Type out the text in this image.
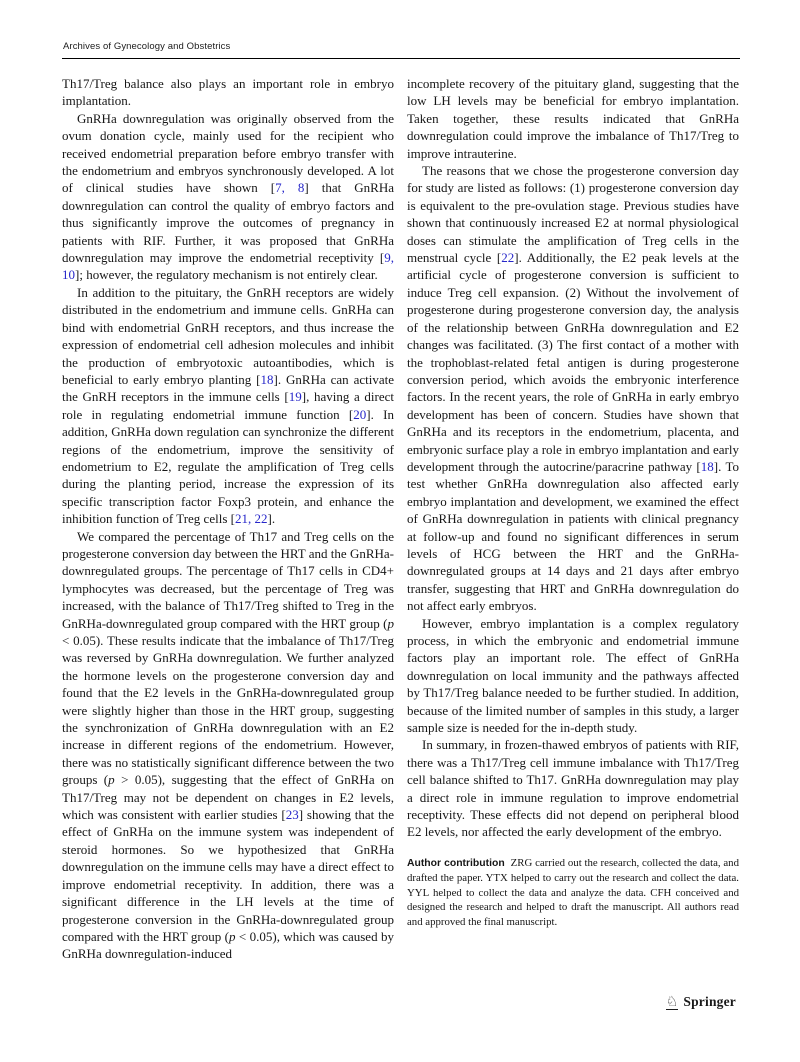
Archives of Gynecology and Obstetrics

Th17/Treg balance also plays an important role in embryo implantation.

GnRHa downregulation was originally observed from the ovum donation cycle, mainly used for the recipient who received endometrial preparation before embryo transfer with the endometrium and embryos synchronously developed. A lot of clinical studies have shown [7, 8] that GnRHa downregulation can control the quality of embryo factors and thus significantly improve the outcomes of pregnancy in patients with RIF. Further, it was proposed that GnRHa downregulation may improve the endometrial receptivity [9, 10]; however, the regulatory mechanism is not entirely clear.

In addition to the pituitary, the GnRH receptors are widely distributed in the endometrium and immune cells. GnRHa can bind with endometrial GnRH receptors, and thus increase the expression of endometrial cell adhesion molecules and inhibit the production of embryotoxic autoantibodies, which is beneficial to early embryo planting [18]. GnRHa can activate the GnRH receptors in the immune cells [19], having a direct role in regulating endometrial immune function [20]. In addition, GnRHa down regulation can synchronize the different regions of the endometrium, improve the sensitivity of endometrium to E2, regulate the amplification of Treg cells during the planting period, increase the expression of its specific transcription factor Foxp3 protein, and enhance the inhibition function of Treg cells [21, 22].

We compared the percentage of Th17 and Treg cells on the progesterone conversion day between the HRT and the GnRHa-downregulated groups. The percentage of Th17 cells in CD4+ lymphocytes was decreased, but the percentage of Treg was increased, with the balance of Th17/Treg shifted to Treg in the GnRHa-downregulated group compared with the HRT group (p < 0.05). These results indicate that the imbalance of Th17/Treg was reversed by GnRHa downregulation. We further analyzed the hormone levels on the progesterone conversion day and found that the E2 levels in the GnRHa-downregulated group were slightly higher than those in the HRT group, suggesting the synchronization of GnRHa downregulation with an E2 increase in different regions of the endometrium. However, there was no statistically significant difference between the two groups (p > 0.05), suggesting that the effect of GnRHa on Th17/Treg may not be dependent on changes in E2 levels, which was consistent with earlier studies [23] showing that the effect of GnRHa on the immune system was independent of steroid hormones. So we hypothesized that GnRHa downregulation on the immune cells may have a direct effect to improve endometrial receptivity. In addition, there was a significant difference in the LH levels at the time of progesterone conversion in the GnRHa-downregulated group compared with the HRT group (p < 0.05), which was caused by GnRHa downregulation-induced

incomplete recovery of the pituitary gland, suggesting that the low LH levels may be beneficial for embryo implantation. Taken together, these results indicated that GnRHa downregulation could improve the imbalance of Th17/Treg to improve intrauterine.

The reasons that we chose the progesterone conversion day for study are listed as follows: (1) progesterone conversion day is equivalent to the pre-ovulation stage. Previous studies have shown that continuously increased E2 at normal physiological doses can stimulate the amplification of Treg cells in the menstrual cycle [22]. Additionally, the E2 peak levels at the artificial cycle of progesterone conversion is sufficient to induce Treg cell expansion. (2) Without the involvement of progesterone during progesterone conversion day, the analysis of the relationship between GnRHa downregulation and E2 changes was facilitated. (3) The first contact of a mother with the trophoblast-related fetal antigen is during progesterone conversion period, which avoids the embryonic interference factors. In the recent years, the role of GnRHa in early embryo development has been of concern. Studies have shown that GnRHa and its receptors in the endometrium, placenta, and embryonic surface play a role in embryo implantation and early development through the autocrine/paracrine pathway [18]. To test whether GnRHa downregulation also affected early embryo implantation and development, we examined the effect of GnRHa downregulation in patients with clinical pregnancy at follow-up and found no significant differences in serum levels of HCG between the HRT and the GnRHa-downregulated groups at 14 days and 21 days after embryo transfer, suggesting that HRT and GnRHa downregulation do not affect early embryos.

However, embryo implantation is a complex regulatory process, in which the embryonic and endometrial immune factors play an important role. The effect of GnRHa downregulation on local immunity and the pathways affected by Th17/Treg balance needed to be further studied. In addition, because of the limited number of samples in this study, a larger sample size is needed for the in-depth study.

In summary, in frozen-thawed embryos of patients with RIF, there was a Th17/Treg cell immune imbalance with Th17/Treg cell balance shifted to Th17. GnRHa downregulation may play a direct role in immune regulation to improve endometrial receptivity. These effects did not depend on peripheral blood E2 levels, nor affected the early development of the embryo.

Author contribution ZRG carried out the research, collected the data, and drafted the paper. YTX helped to carry out the research and collect the data. YYL helped to collect the data and analyze the data. CFH conceived and designed the research and helped to draft the manuscript. All authors read and approved the final manuscript.

♘ Springer
